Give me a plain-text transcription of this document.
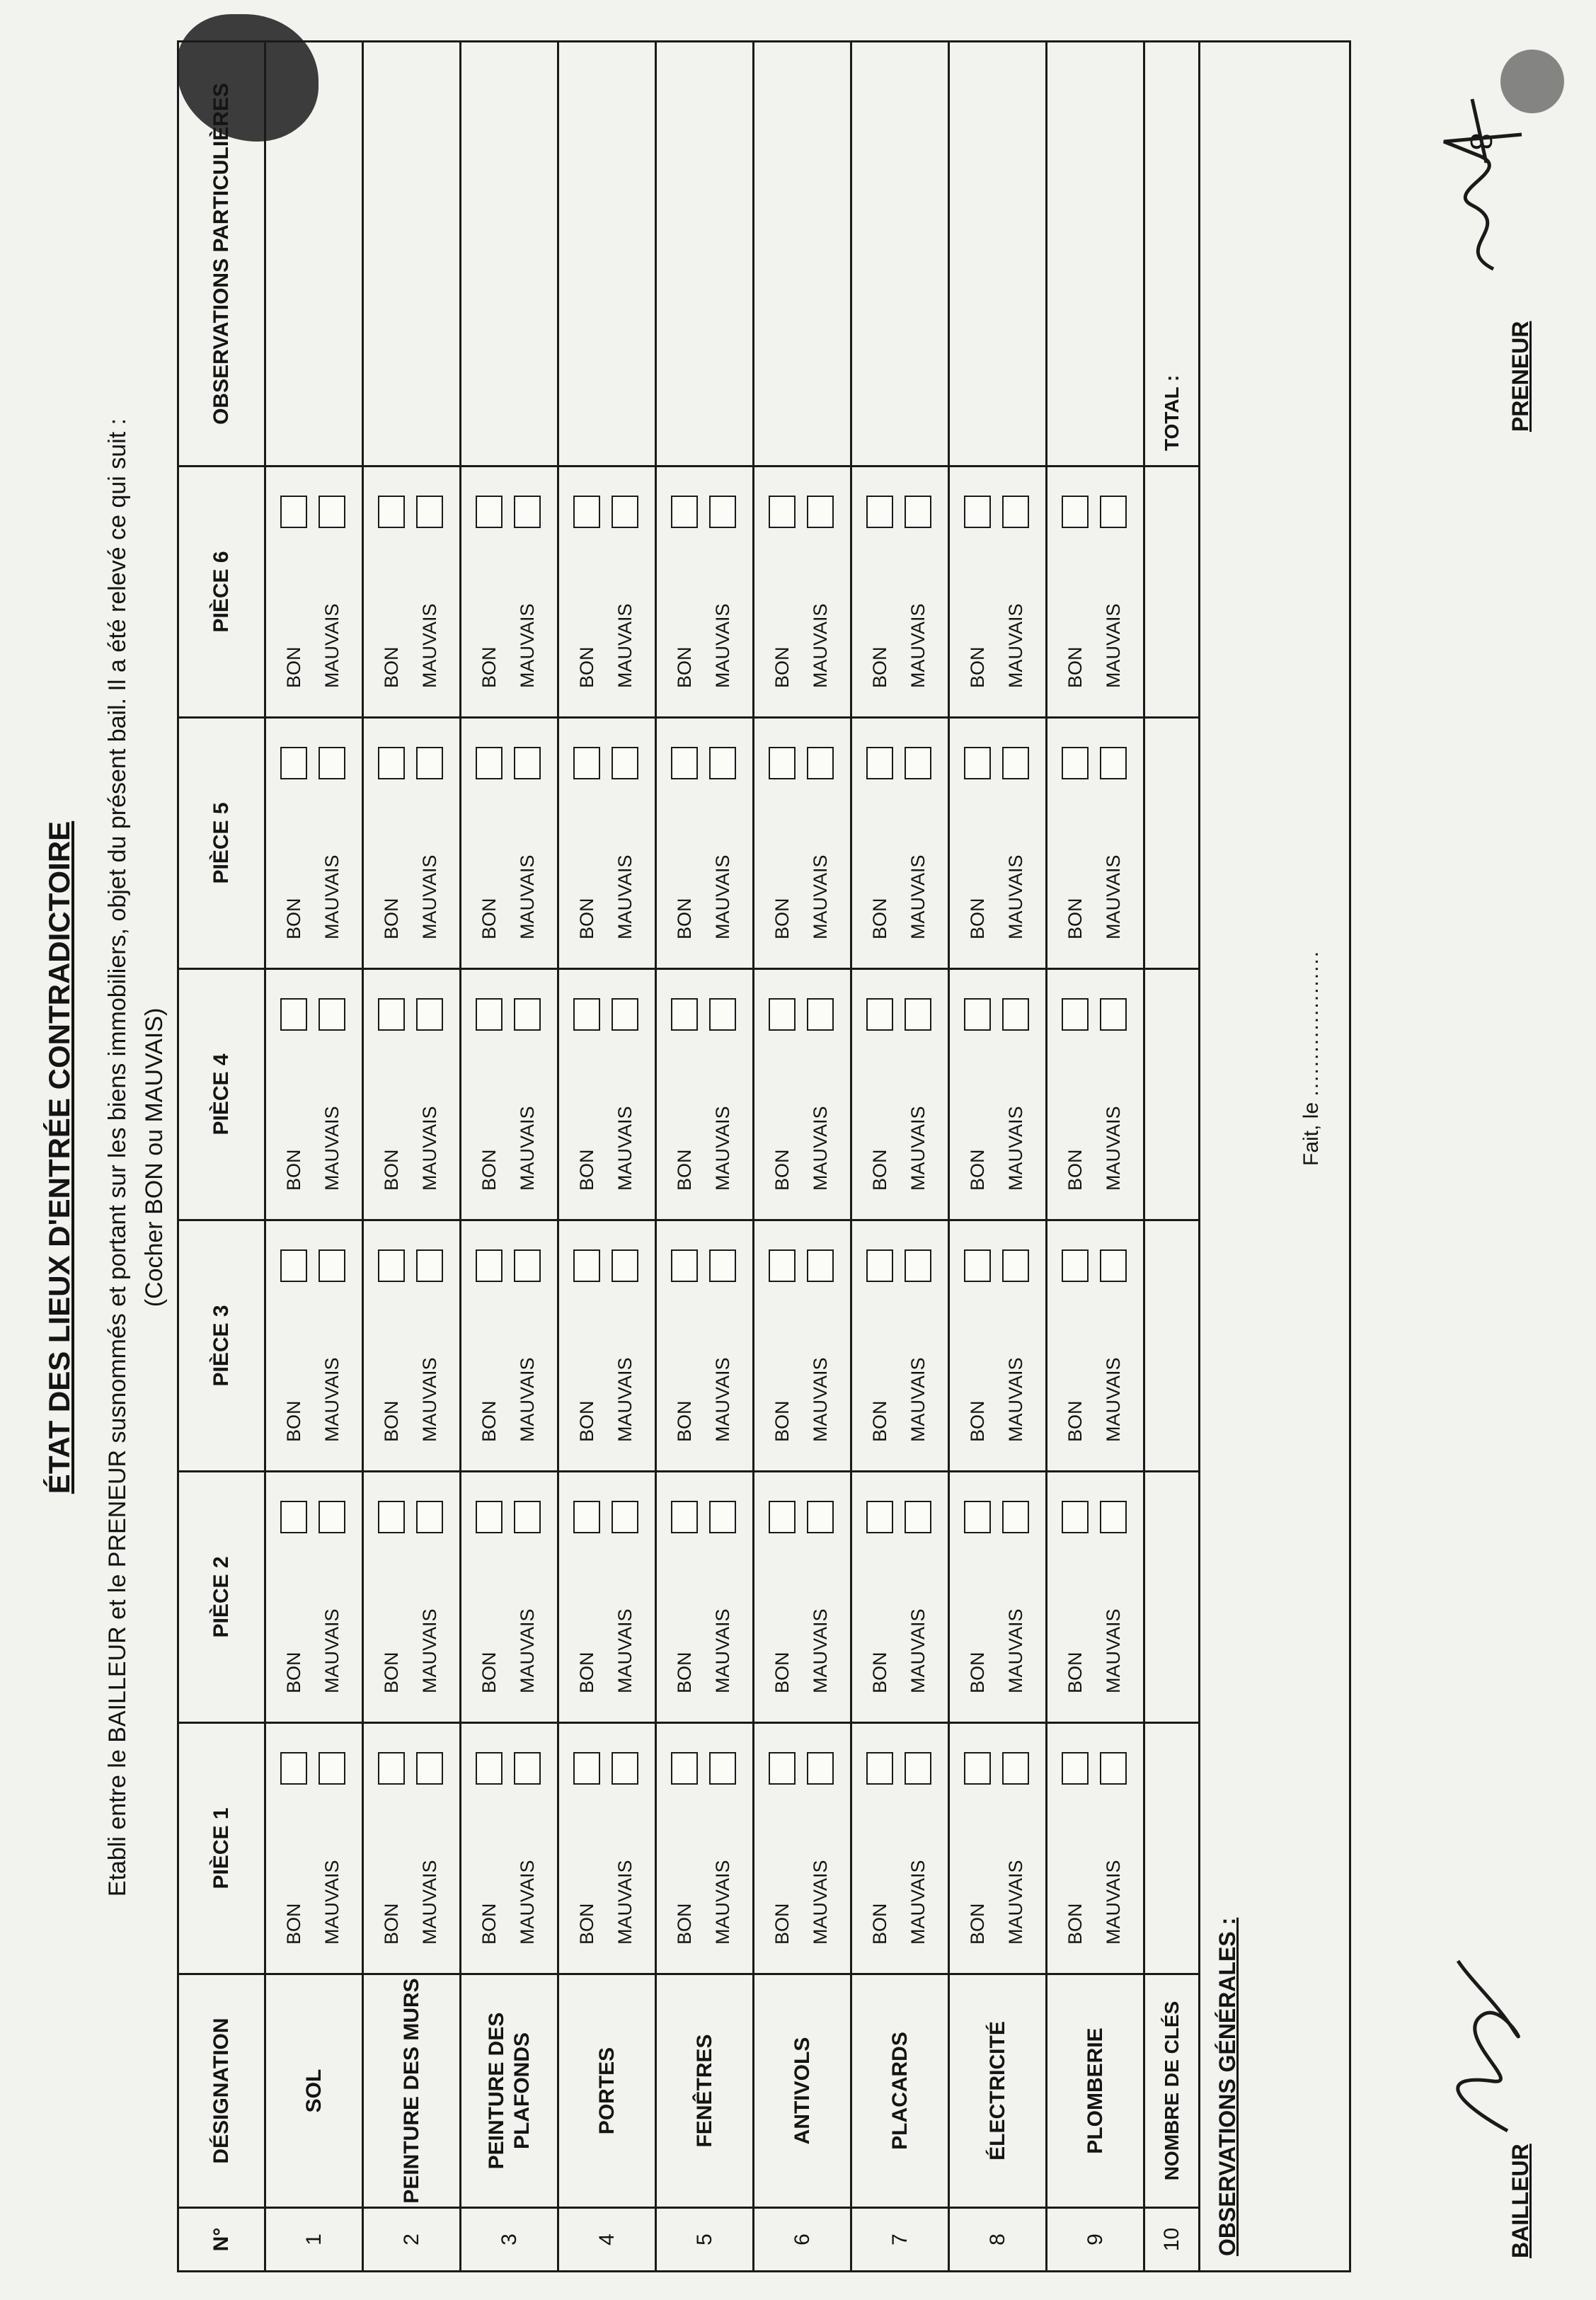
8
ÉTAT DES LIEUX D'ENTRÉE CONTRADICTOIRE Etabli entre le BAILLEUR et le PRENEUR susnommés et portant sur les biens immobiliers, objet du présent bail. Il a été relevé ce qui suit : (Cocher BON ou MAUVAIS)
N°	DÉSIGNATION	PIÈCE 1	PIÈCE 2	PIÈCE 3	PIÈCE 4	PIÈCE 5	PIÈCE 6	OBSERVATIONS PARTICULIÈRES
1	SOL	BON MAUVAIS	BON MAUVAIS	BON MAUVAIS	BON MAUVAIS	BON MAUVAIS	BON MAUVAIS	

2	PEINTURE DES MURS	BON MAUVAIS	BON MAUVAIS	BON MAUVAIS	BON MAUVAIS	BON MAUVAIS	BON MAUVAIS	

3	PEINTURE DES PLAFONDS	BON MAUVAIS	BON MAUVAIS	BON MAUVAIS	BON MAUVAIS	BON MAUVAIS	BON MAUVAIS	

4	PORTES	BON MAUVAIS	BON MAUVAIS	BON MAUVAIS	BON MAUVAIS	BON MAUVAIS	BON MAUVAIS	

5	FENÊTRES	BON MAUVAIS	BON MAUVAIS	BON MAUVAIS	BON MAUVAIS	BON MAUVAIS	BON MAUVAIS	

6	ANTIVOLS	BON MAUVAIS	BON MAUVAIS	BON MAUVAIS	BON MAUVAIS	BON MAUVAIS	BON MAUVAIS	

7	PLACARDS	BON MAUVAIS	BON MAUVAIS	BON MAUVAIS	BON MAUVAIS	BON MAUVAIS	BON MAUVAIS	

8	ÉLECTRICITÉ	BON MAUVAIS	BON MAUVAIS	BON MAUVAIS	BON MAUVAIS	BON MAUVAIS	BON MAUVAIS	

9	PLOMBERIE	BON MAUVAIS	BON MAUVAIS	BON MAUVAIS	BON MAUVAIS	BON MAUVAIS	BON MAUVAIS	

10	NOMBRE DE CLÉS							TOTAL :

OBSERVATIONS GÉNÉRALES :
Fait, le ....................								
BAILLEUR
PRENEUR
